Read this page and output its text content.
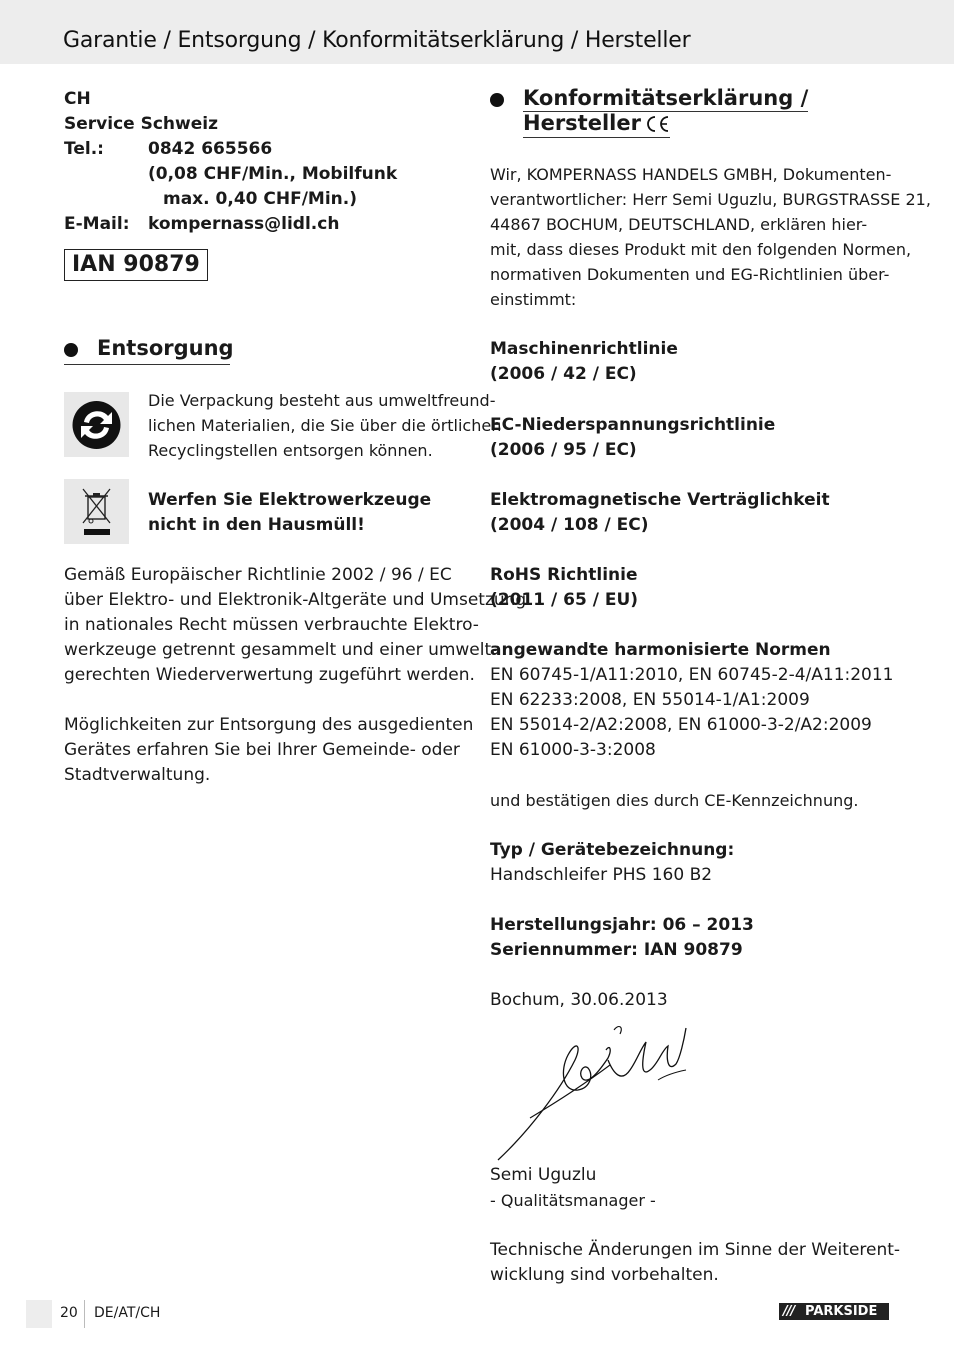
Garantie / Entsorgung / Konformitätserklärung / Hersteller
CH
Service Schweiz
Tel.:	0842 665566
(0,08 CHF/Min., Mobilfunk
max. 0,40 CHF/Min.)
E-Mail: kompernass@lidl.ch
IAN 90879
Entsorgung
Die Verpackung besteht aus umweltfreund-
lichen Materialien, die Sie über die örtlichen
Recyclingstellen entsorgen können.
Werfen Sie Elektrowerkzeuge
nicht in den Hausmüll!
Gemäß Europäischer Richtlinie 2002 / 96 / EC
über Elektro- und Elektronik-Altgeräte und Umsetzung
in nationales Recht müssen verbrauchte Elektro-
werkzeuge getrennt gesammelt und einer umwelt-
gerechten Wiederverwertung zugeführt werden.
Möglichkeiten zur Entsorgung des ausgedienten
Gerätes erfahren Sie bei Ihrer Gemeinde- oder
Stadtverwaltung.
Konformitätserklärung /
Hersteller
Wir, KOMPERNASS HANDELS GMBH, Dokumenten-
verantwortlicher: Herr Semi Uguzlu, BURGSTRASSE 21,
44867 BOCHUM, DEUTSCHLAND, erklären hier-
mit, dass dieses Produkt mit den folgenden Normen,
normativen Dokumenten und EG-Richtlinien über-
einstimmt:
Maschinenrichtlinie
(2006 / 42 / EC)
EC-Niederspannungsrichtlinie
(2006 / 95 / EC)
Elektromagnetische Verträglichkeit
(2004 / 108 / EC)
RoHS Richtlinie
(2011 / 65 / EU)
angewandte harmonisierte Normen
EN 60745-1/A11:2010, EN 60745-2-4/A11:2011
EN 62233:2008, EN 55014-1/A1:2009
EN 55014-2/A2:2008, EN 61000-3-2/A2:2009
EN 61000-3-3:2008
und bestätigen dies durch CE-Kennzeichnung.
Typ / Gerätebezeichnung:
Handschleifer PHS 160 B2
Herstellungsjahr: 06 – 2013
Seriennummer: IAN 90879
Bochum, 30.06.2013
Semi Uguzlu
- Qualitätsmanager -
Technische Änderungen im Sinne der Weiterent-
wicklung sind vorbehalten.
20 DE/AT/CH	/// PARKSIDE
